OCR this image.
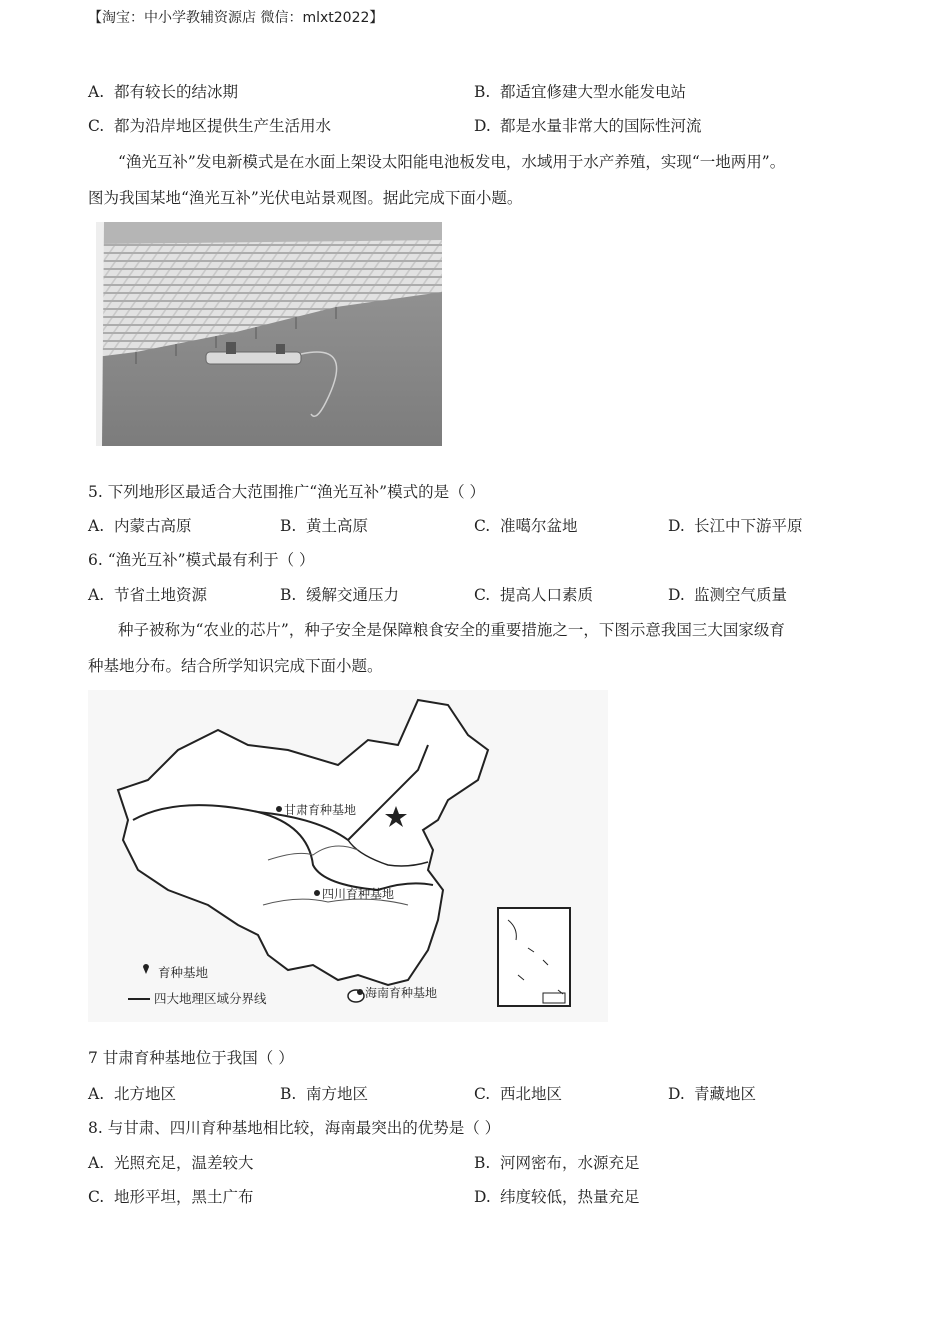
【淘宝：中小学教辅资源店 微信：mlxt2022】
A. 都有较长的结冰期	B. 都适宜修建大型水能发电站
C. 都为沿岸地区提供生产生活用水	D. 都是水量非常大的国际性河流
“渔光互补”发电新模式是在水面上架设太阳能电池板发电，水域用于水产养殖，实现“一地两用”。
图为我国某地“渔光互补”光伏电站景观图。据此完成下面小题。
5. 下列地形区最适合大范围推广“渔光互补”模式的是（ ）
A. 内蒙古高原	B. 黄土高原	C. 准噶尔盆地	D. 长江中下游平原
6. “渔光互补”模式最有利于（ ）
A. 节省土地资源	B. 缓解交通压力	C. 提高人口素质	D. 监测空气质量
种子被称为“农业的芯片”，种子安全是保障粮食安全的重要措施之一，下图示意我国三大国家级育
种基地分布。结合所学知识完成下面小题。
甘肃育种基地
四川育种基地
海南育种基地
育种基地
四大地理区域分界线
7 甘肃育种基地位于我国（ ）
A. 北方地区	B. 南方地区	C. 西北地区	D. 青藏地区
8. 与甘肃、四川育种基地相比较，海南最突出的优势是（ ）
A. 光照充足，温差较大	B. 河网密布，水源充足
C. 地形平坦，黑土广布	D. 纬度较低，热量充足
